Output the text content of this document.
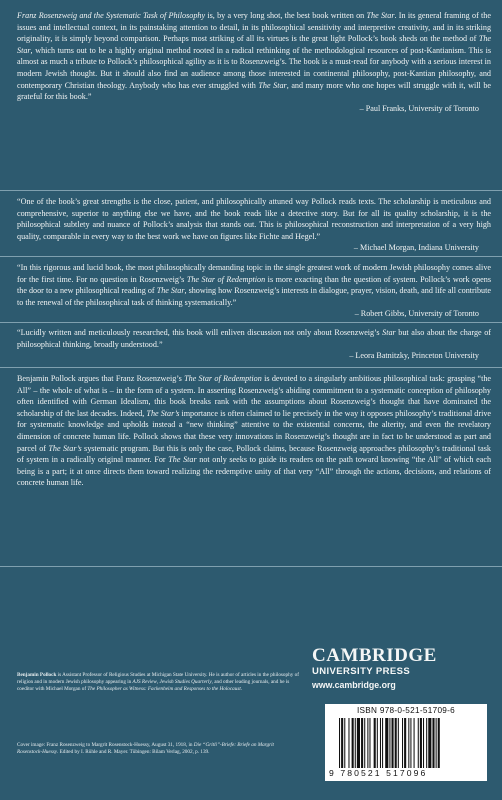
Franz Rosenzweig and the Systematic Task of Philosophy is, by a very long shot, the best book written on The Star. In its general framing of the issues and intellectual context, in its painstaking attention to detail, in its philosophical sensitivity and interpretive creativity, and in its striking originality, it is simply beyond comparison. Perhaps most striking of all its virtues is the great light Pollock’s book sheds on the method of The Star, which turns out to be a highly original method rooted in a radical rethinking of the methodological resources of post-Kantianism. This is almost as much a tribute to Pollock’s philosophical agility as it is to Rosenzweig’s. The book is a must-read for anybody with a serious interest in modern Jewish thought. But it should also find an audience among those interested in continental philosophy, post-Kantian philosophy, and contemporary Christian theology. Anybody who has ever struggled with The Star, and many more who one hopes will struggle with it, will be grateful for this book.”

– Paul Franks, University of Toronto

“One of the book’s great strengths is the close, patient, and philosophically attuned way Pollock reads texts. The scholarship is meticulous and comprehensive, superior to anything else we have, and the book reads like a detective story. But for all its quality scholarship, it is the philosophical subtlety and nuance of Pollock’s analysis that stands out. This is philosophical reconstruction and interpretation of a very high quality, comparable in every way to the best work we have on figures like Fichte and Hegel.”

– Michael Morgan, Indiana University

“In this rigorous and lucid book, the most philosophically demanding topic in the single greatest work of modern Jewish philosophy comes alive for the first time. For no question in Rosenzweig’s The Star of Redemption is more exacting than the question of system. Pollock’s work opens the door to a new philosophical reading of The Star, showing how Rosenzweig’s interests in dialogue, prayer, vision, death, and life all contribute to the renewal of the philosophical task of thinking systematically.”

– Robert Gibbs, University of Toronto

“Lucidly written and meticulously researched, this book will enliven discussion not only about Rosenzweig’s Star but also about the charge of philosophical thinking, broadly understood.”

– Leora Batnitzky, Princeton University

Benjamin Pollock argues that Franz Rosenzweig’s The Star of Redemption is devoted to a singularly ambitious philosophical task: grasping “the All” – the whole of what is – in the form of a system. In asserting Rosenzweig’s abiding commitment to a systematic conception of philosophy often identified with German Idealism, this book breaks rank with the assumptions about Rosenzweig’s thought that have dominated the scholarship of the last decades. Indeed, The Star’s importance is often claimed to lie precisely in the way it opposes philosophy’s traditional drive for systematic knowledge and upholds instead a “new thinking” attentive to the existential concerns, the alterity, and even the revelatory dimension of concrete human life. Pollock shows that these very innovations in Rosenzweig’s thought are in fact to be understood as part and parcel of The Star’s systematic program. But this is only the case, Pollock claims, because Rosenzweig approaches philosophy’s traditional task of system in a radically original manner. For The Star not only seeks to guide its readers on the path toward knowing “the All” of which each being is a part; it at once directs them toward realizing the redemptive unity of that very “All” through the actions, decisions, and relations of concrete human life.

Benjamin Pollock is Assistant Professor of Religious Studies at Michigan State University. He is author of articles in the philosophy of religion and in modern Jewish philosophy appearing in AJS Review, Jewish Studies Quarterly, and other leading journals, and he is coeditor with Michael Morgan of The Philosopher as Witness: Fackenheim and Responses to the Holocaust.

Cover image: Franz Rosenzweig to Margrit Rosenstock-Huessy, August 31, 1918, in Die “Gritli”-Briefe: Briefe an Margrit Rosenstock-Huessy. Edited by I. Rühle and R. Mayer. Tübingen: Bilam Verlag, 2002, p. 139.

CAMBRIDGE
UNIVERSITY PRESS
www.cambridge.org
ISBN 978-0-521-51709-6
9 780521 517096
